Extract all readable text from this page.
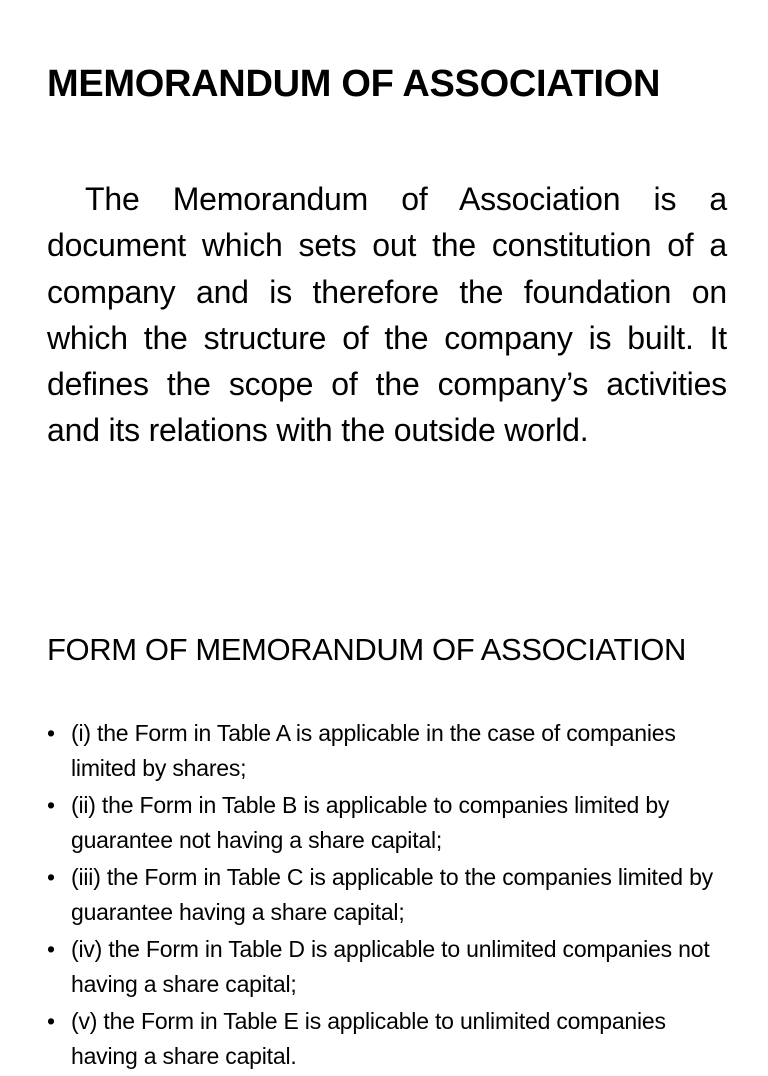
MEMORANDUM OF ASSOCIATION

The Memorandum of Association is a document which sets out the constitution of a company and is therefore the foundation on which the structure of the company is built. It defines the scope of the company’s activities and its relations with the outside world.

FORM OF MEMORANDUM OF ASSOCIATION
• (i) the Form in Table A is applicable in the case of companies limited by shares;
• (ii) the Form in Table B is applicable to companies limited by guarantee not having a share capital;
• (iii) the Form in Table C is applicable to the companies limited by guarantee having a share capital;
• (iv) the Form in Table D is applicable to unlimited companies not having a share capital;
• (v) the Form in Table E is applicable to unlimited companies having a share capital.
